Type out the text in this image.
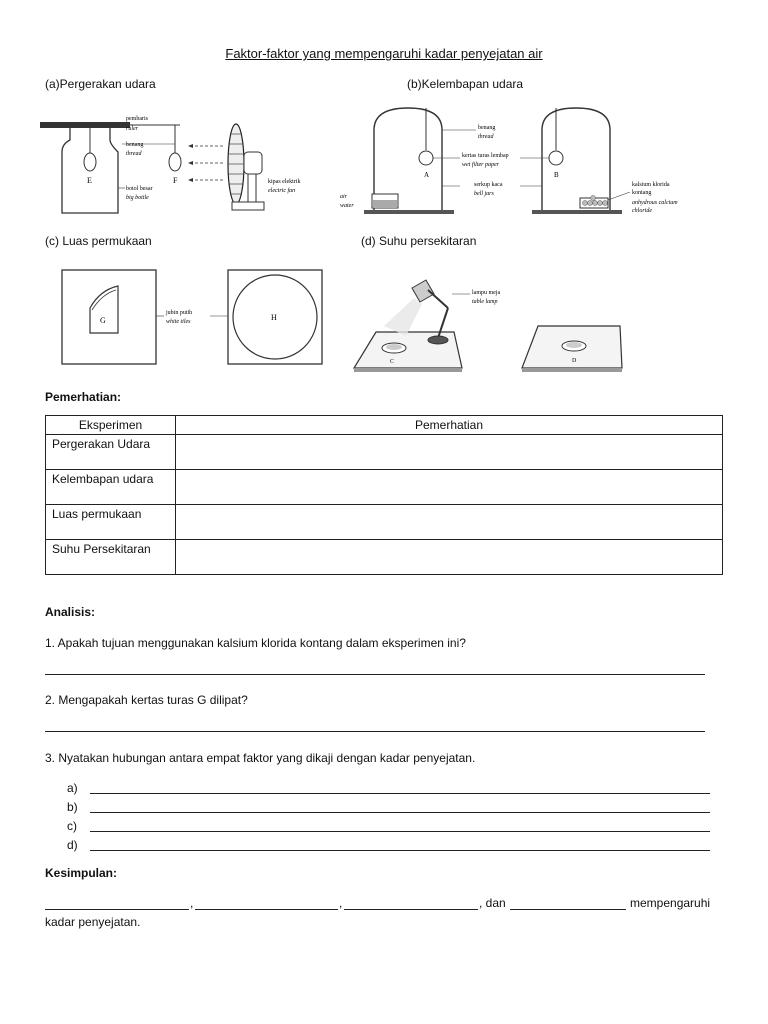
Faktor-faktor yang mempengaruhi kadar penyejatan air
(a)Pergerakan udara	(b)Kelembapan udara
E	F
pembaris
ruler
benang
thread
botol besar
big bottle
kipas elektrik
electric fan
A
air
water
B
benang
thread
kertas turas lembap
wet filter paper
serkup kaca
bell jars
kalsium klorida
kontang
anhydrous calcium
chloride
(c) Luas permukaan	(d) Suhu persekitaran
G	H
jubin putih
white tiles
C
lampu meja
table lamp
D
Pemerhatian:
Eksperimen	Pemerhatian
Pergerakan Udara	
Kelembapan udara	
Luas permukaan	
Suhu Persekitaran	
Analisis:
1. Apakah tujuan menggunakan kalsium klorida kontang dalam eksperimen ini?
2. Mengapakah kertas turas G dilipat?
3. Nyatakan hubungan antara empat faktor yang dikaji dengan kadar penyejatan.
a)
b)
c)
d)
Kesimpulan:
,	,	, dan	mempengaruhi
kadar penyejatan.
